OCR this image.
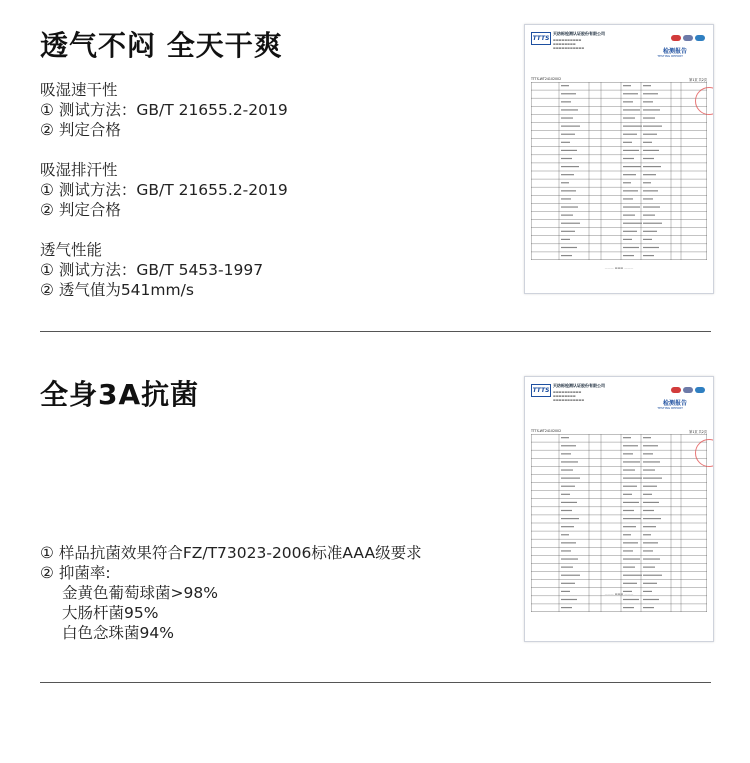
透气不闷 全天干爽
吸湿速干性
① 测试方法：GB/T 21655.2-2019
② 判定合格
吸湿排汗性
① 测试方法：GB/T 21655.2-2019
② 判定合格
透气性能
① 测试方法：GB/T 5453-1997
② 透气值为541mm/s
TTTS
天纺标检测认证股份有限公司
▬▬▬▬▬▬▬▬▬▬
▬▬▬▬▬▬▬▬
▬▬▬▬▬▬▬▬▬▬▬	检测报告
TESTING REPORT
TTTS-WT24102002	第1页 共2页
——— ▬▬▬ ———
全身3A抗菌
① 样品抗菌效果符合FZ/T73023-2006标准AAA级要求
② 抑菌率:
金黄色葡萄球菌>98%
大肠杆菌95%
白色念珠菌94%
TTTS
天纺标检测认证股份有限公司
▬▬▬▬▬▬▬▬▬▬
▬▬▬▬▬▬▬▬
▬▬▬▬▬▬▬▬▬▬▬	检测报告
TESTING REPORT
TTTS-WT24102002	第1页 共2页
——— ▬▬▬ ———
